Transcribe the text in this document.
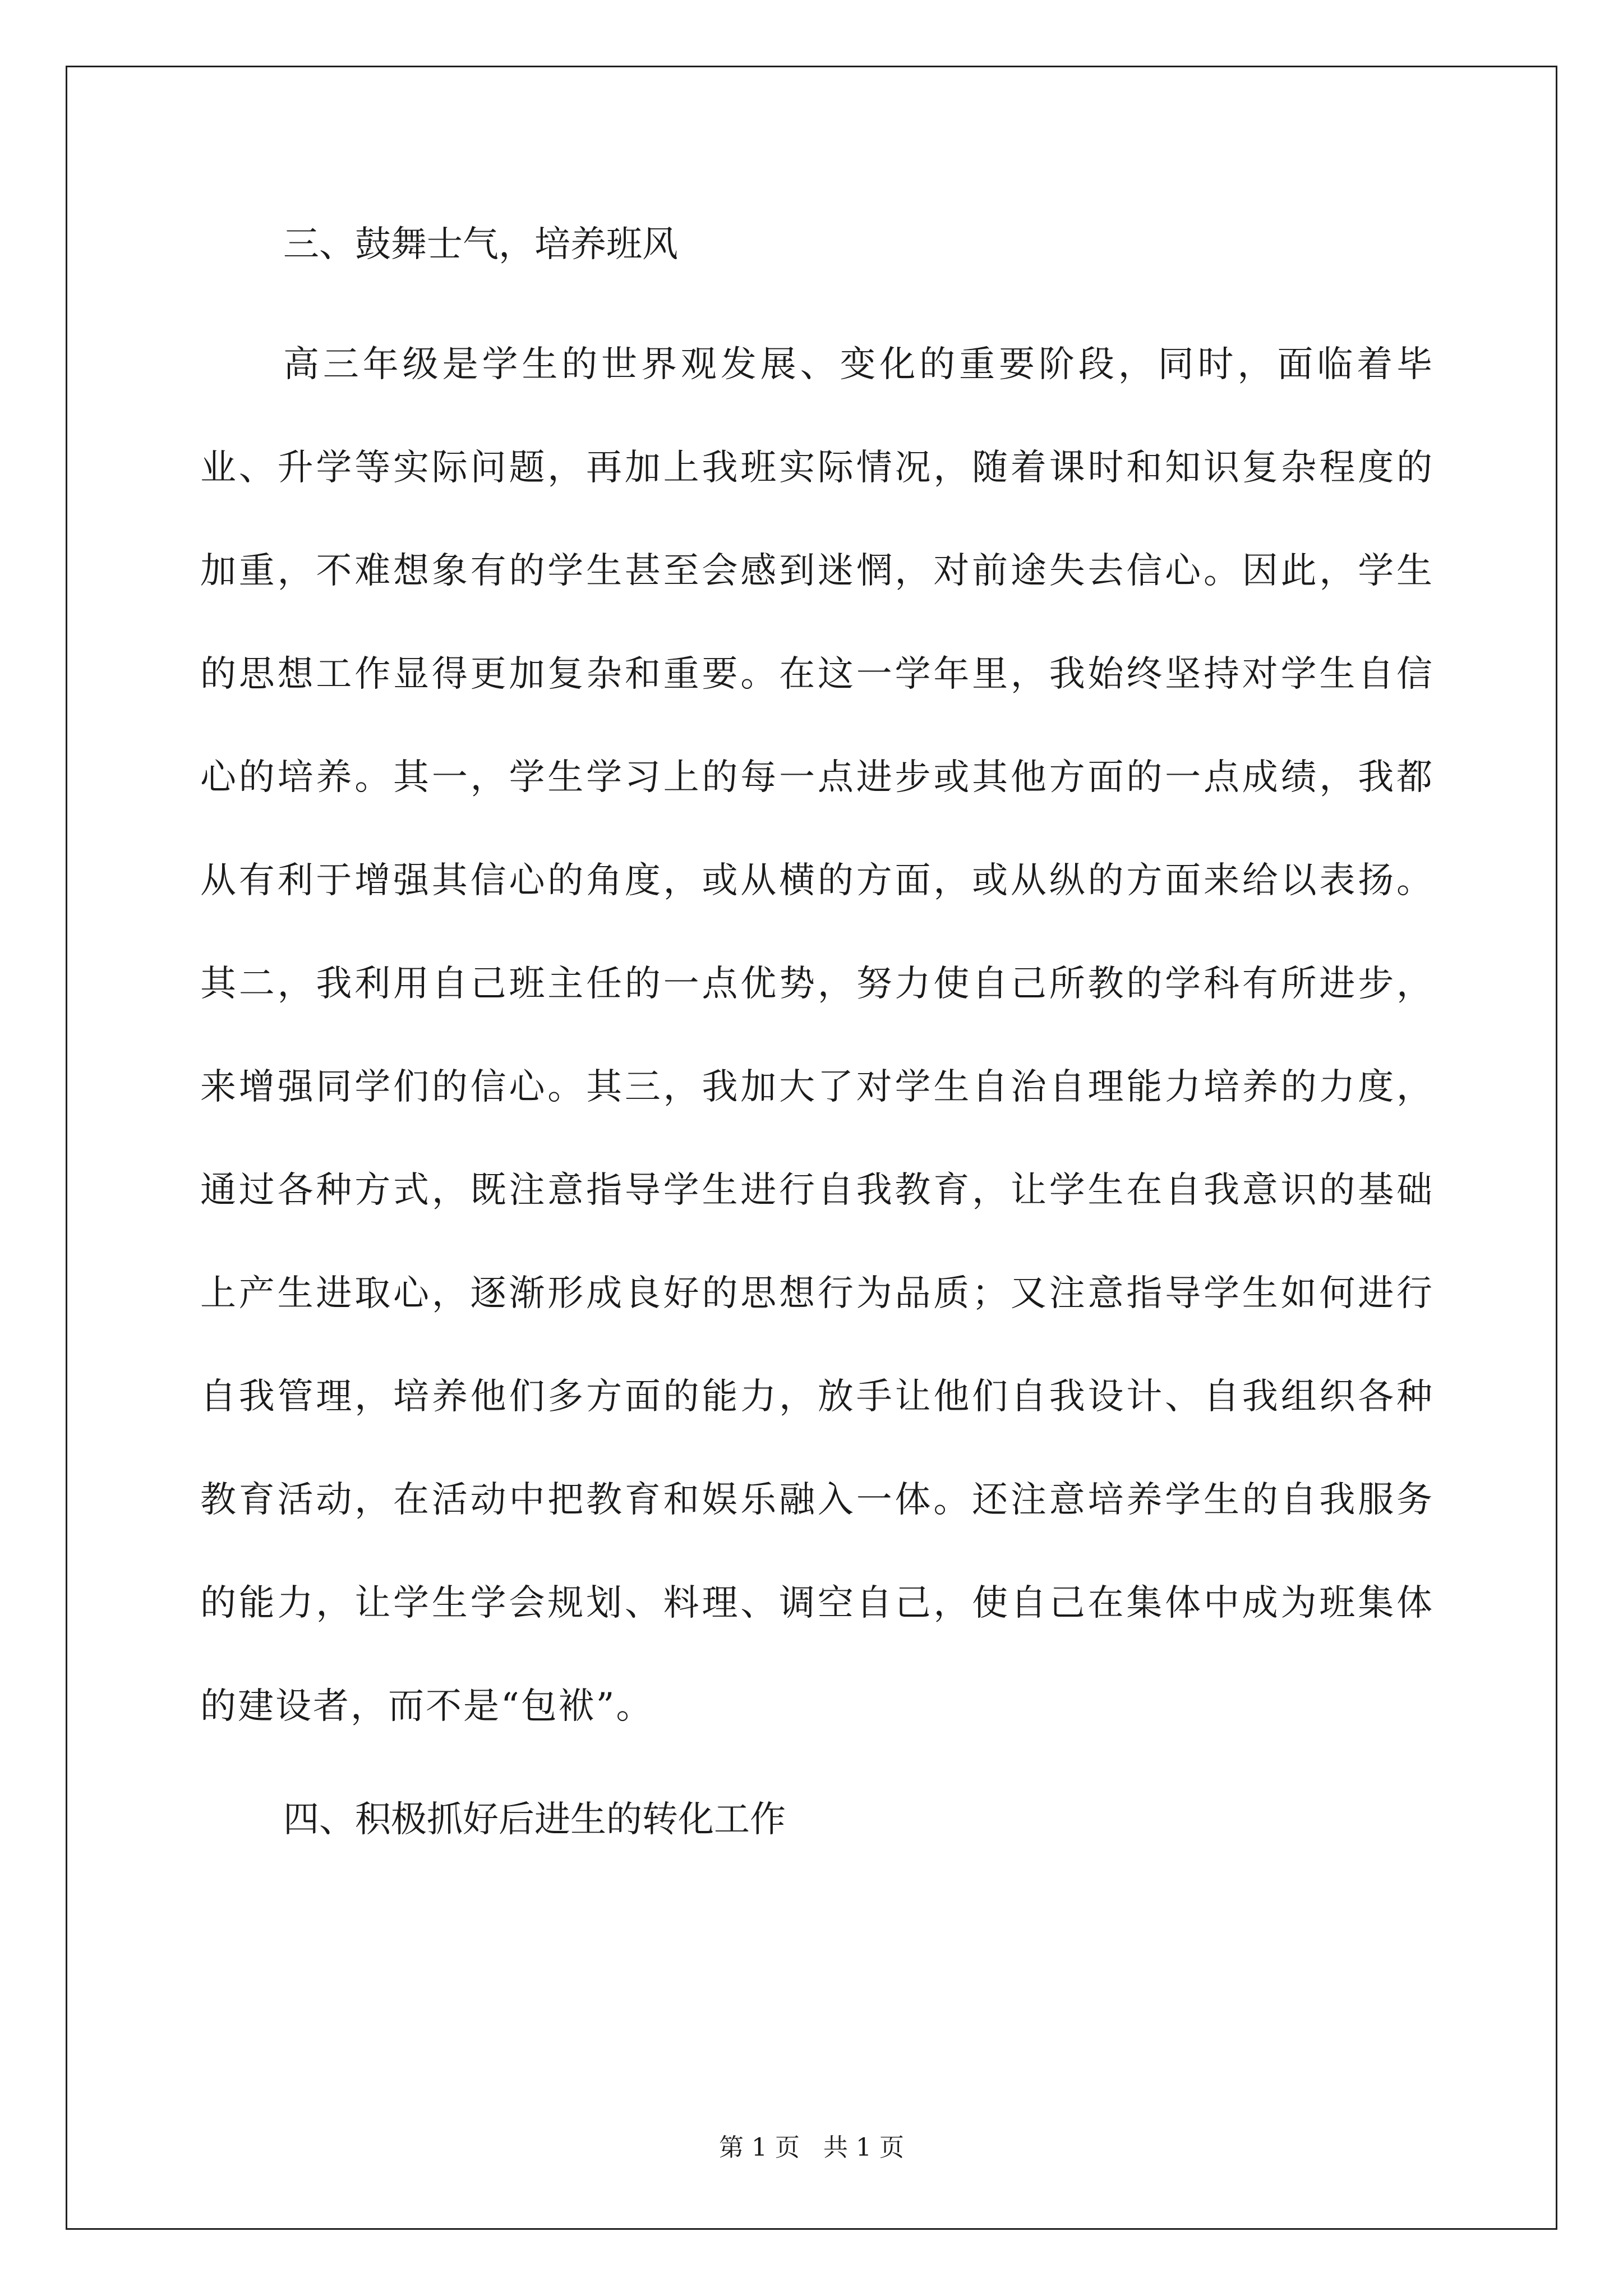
三、鼓舞士气，培养班风

高三年级是学生的世界观发展、变化的重要阶段，同时，面临着毕业、升学等实际问题，再加上我班实际情况，随着课时和知识复杂程度的加重，不难想象有的学生甚至会感到迷惘，对前途失去信心。因此，学生的思想工作显得更加复杂和重要。在这一学年里，我始终坚持对学生自信心的培养。其一，学生学习上的每一点进步或其他方面的一点成绩，我都从有利于增强其信心的角度，或从横的方面，或从纵的方面来给以表扬。其二，我利用自己班主任的一点优势，努力使自己所教的学科有所进步，来增强同学们的信心。其三，我加大了对学生自治自理能力培养的力度，通过各种方式，既注意指导学生进行自我教育，让学生在自我意识的基础上产生进取心，逐渐形成良好的思想行为品质；又注意指导学生如何进行自我管理，培养他们多方面的能力，放手让他们自我设计、自我组织各种教育活动，在活动中把教育和娱乐融入一体。还注意培养学生的自我服务的能力，让学生学会规划、料理、调空自己，使自己在集体中成为班集体的建设者，而不是“包袱”。

四、积极抓好后进生的转化工作

第 1 页   共 1 页
